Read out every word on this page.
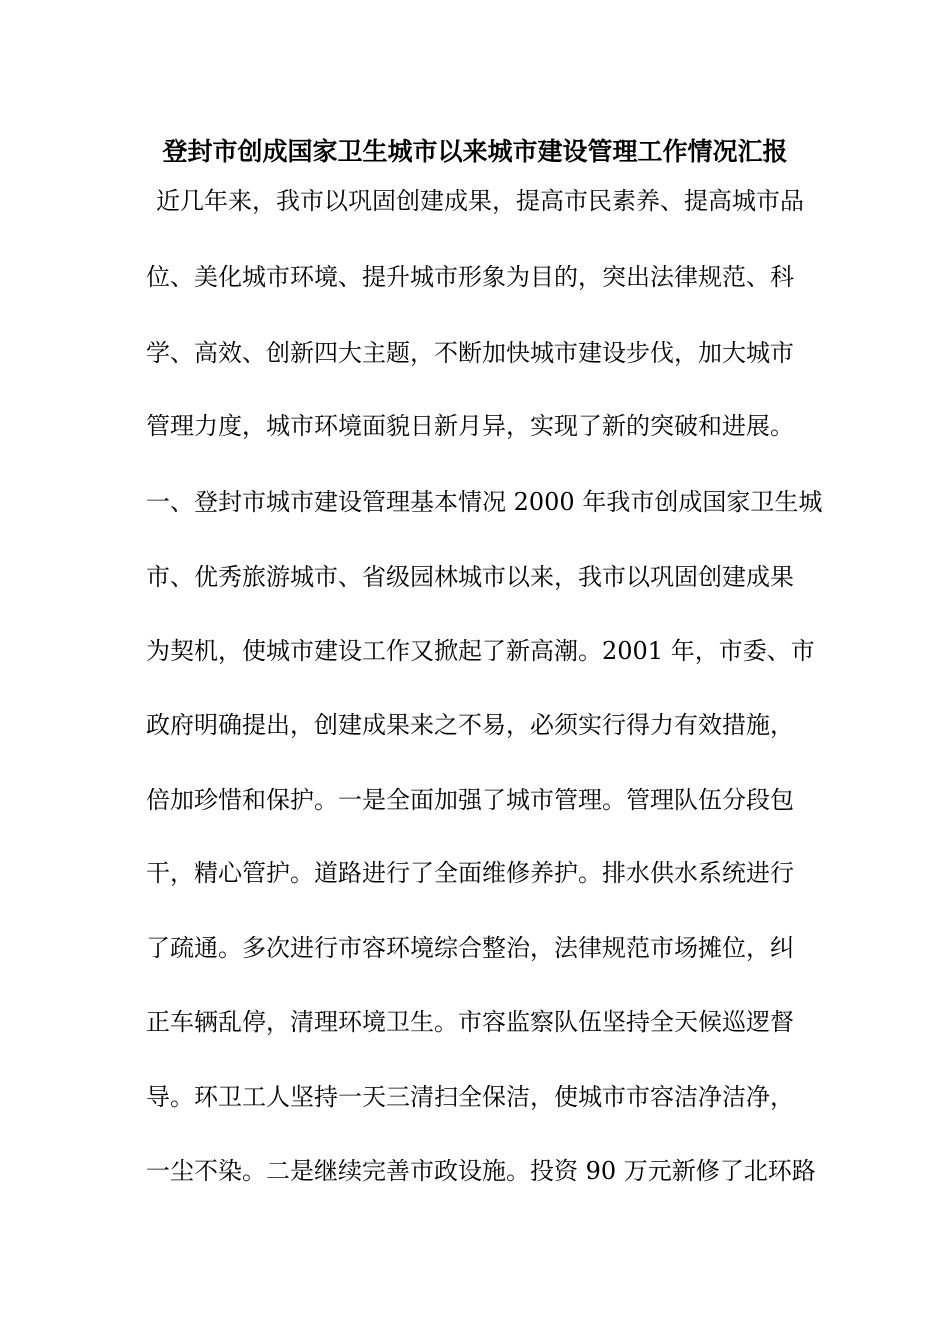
登封市创成国家卫生城市以来城市建设管理工作情况汇报
近几年来，我市以巩固创建成果，提高市民素养、提高城市品
位、美化城市环境、提升城市形象为目的，突出法律规范、科
学、高效、创新四大主题，不断加快城市建设步伐，加大城市
管理力度，城市环境面貌日新月异，实现了新的突破和进展。
一、登封市城市建设管理基本情况 2000 年我市创成国家卫生城
市、优秀旅游城市、省级园林城市以来，我市以巩固创建成果
为契机，使城市建设工作又掀起了新高潮。2001 年，市委、市
政府明确提出，创建成果来之不易，必须实行得力有效措施，
倍加珍惜和保护。一是全面加强了城市管理。管理队伍分段包
干，精心管护。道路进行了全面维修养护。排水供水系统进行
了疏通。多次进行市容环境综合整治，法律规范市场摊位，纠
正车辆乱停，清理环境卫生。市容监察队伍坚持全天候巡逻督
导。环卫工人坚持一天三清扫全保洁，使城市市容洁净洁净，
一尘不染。二是继续完善市政设施。投资 90 万元新修了北环路
